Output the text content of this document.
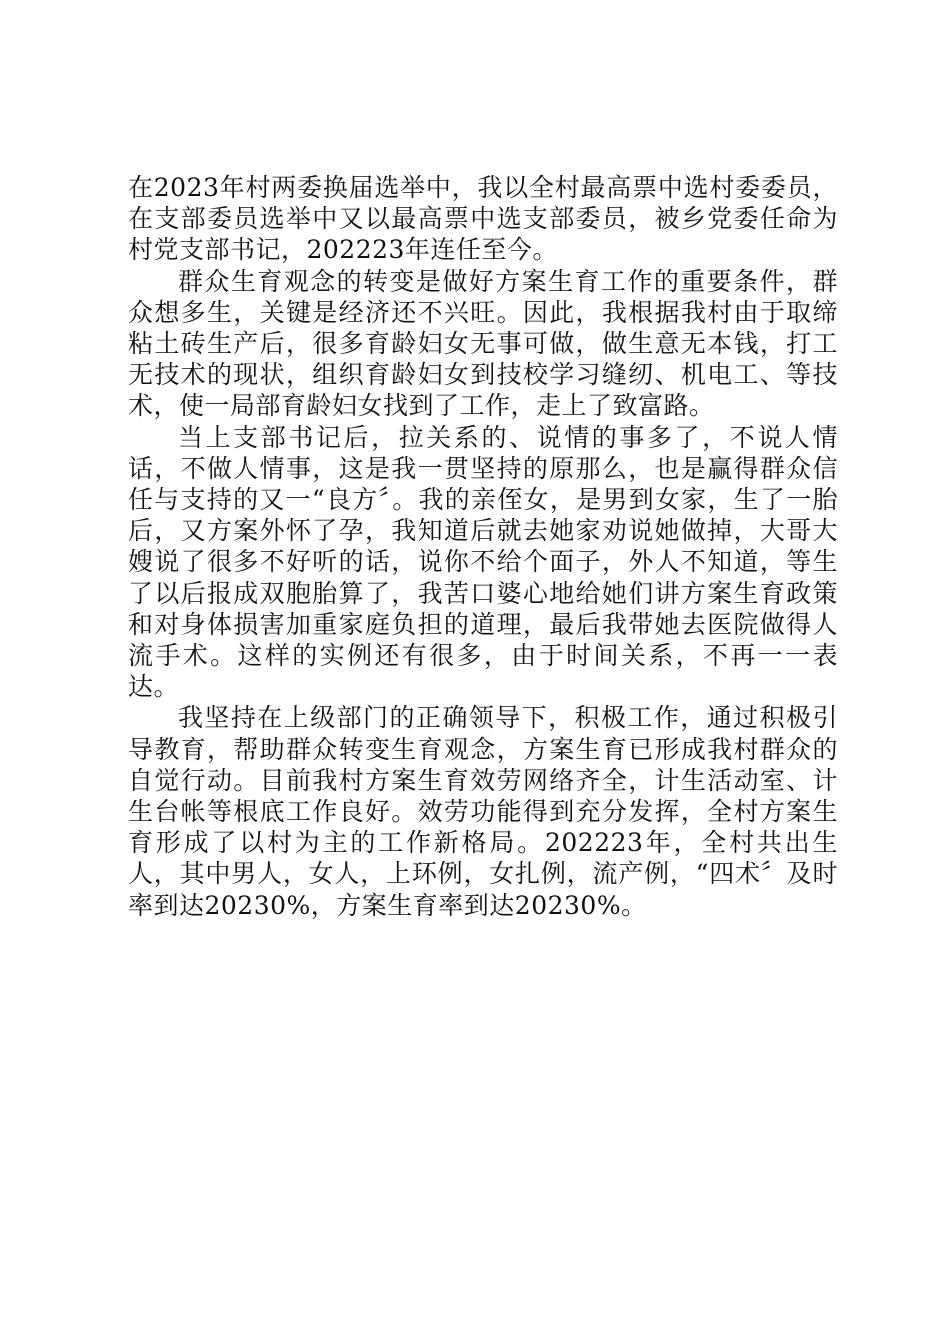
在2023年村两委换届选举中，我以全村最高票中选村委委员，在支部委员选举中又以最高票中选支部委员，被乡党委任命为村党支部书记，202223年连任至今。

群众生育观念的转变是做好方案生育工作的重要条件，群众想多生，关键是经济还不兴旺。因此，我根据我村由于取缔粘土砖生产后，很多育龄妇女无事可做，做生意无本钱，打工无技术的现状，组织育龄妇女到技校学习缝纫、机电工、等技术，使一局部育龄妇女找到了工作，走上了致富路。

当上支部书记后，拉关系的、说情的事多了，不说人情话，不做人情事，这是我一贯坚持的原那么，也是赢得群众信任与支持的又一“良方〞。我的亲侄女，是男到女家，生了一胎后，又方案外怀了孕，我知道后就去她家劝说她做掉，大哥大嫂说了很多不好听的话，说你不给个面子，外人不知道，等生了以后报成双胞胎算了，我苦口婆心地给她们讲方案生育政策和对身体损害加重家庭负担的道理，最后我带她去医院做得人流手术。这样的实例还有很多，由于时间关系，不再一一表达。

我坚持在上级部门的正确领导下，积极工作，通过积极引导教育，帮助群众转变生育观念，方案生育已形成我村群众的自觉行动。目前我村方案生育效劳网络齐全，计生活动室、计生台帐等根底工作良好。效劳功能得到充分发挥，全村方案生育形成了以村为主的工作新格局。202223年，全村共出生人，其中男人，女人，上环例，女扎例，流产例，“四术〞及时率到达20230%，方案生育率到达20230%。
